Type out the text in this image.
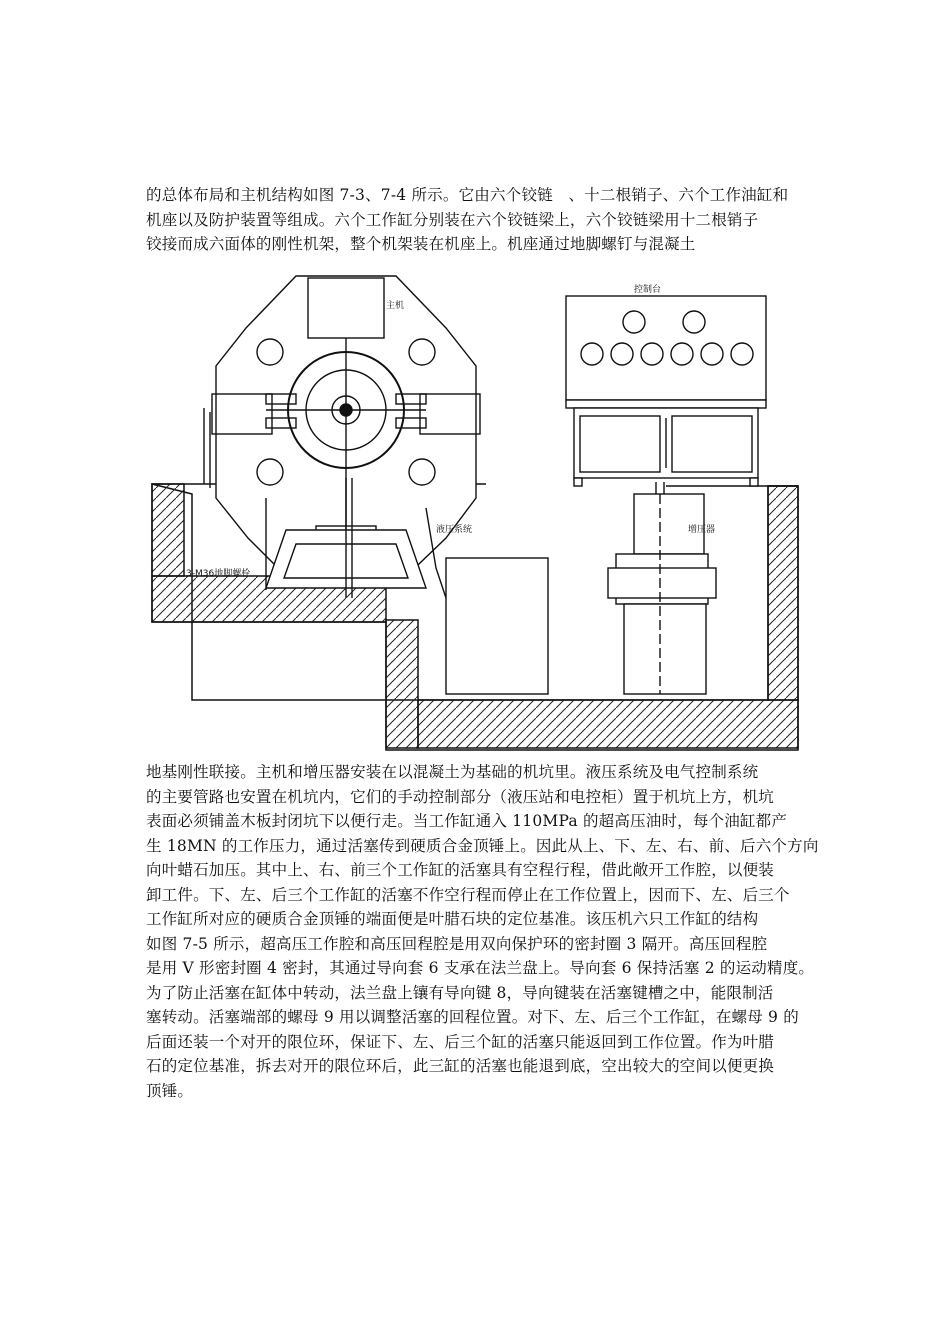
的总体布局和主机结构如图 7-3、7-4 所示。它由六个铰链　、十二根销子、六个工作油缸和
机座以及防护装置等组成。六个工作缸分别装在六个铰链梁上，六个铰链梁用十二根销子
铰接而成六面体的刚性机架，整个机架装在机座上。机座通过地脚螺钉与混凝土
主机
控制台
液压系统	增压器
3-M36地脚螺栓
地基刚性联接。主机和增压器安装在以混凝土为基础的机坑里。液压系统及电气控制系统
的主要管路也安置在机坑内，它们的手动控制部分（液压站和电控柜）置于机坑上方，机坑
表面必须铺盖木板封闭坑下以便行走。当工作缸通入 110MPa 的超高压油时，每个油缸都产
生 18MN 的工作压力，通过活塞传到硬质合金顶锤上。因此从上、下、左、右、前、后六个方向
向叶蜡石加压。其中上、右、前三个工作缸的活塞具有空程行程，借此敞开工作腔，以便装
卸工件。下、左、后三个工作缸的活塞不作空行程而停止在工作位置上，因而下、左、后三个
工作缸所对应的硬质合金顶锤的端面便是叶腊石块的定位基准。该压机六只工作缸的结构
如图 7-5 所示，超高压工作腔和高压回程腔是用双向保护环的密封圈 3 隔开。高压回程腔
是用 V 形密封圈 4 密封，其通过导向套 6 支承在法兰盘上。导向套 6 保持活塞 2 的运动精度。
为了防止活塞在缸体中转动，法兰盘上镶有导向键 8，导向键装在活塞键槽之中，能限制活
塞转动。活塞端部的螺母 9 用以调整活塞的回程位置。对下、左、后三个工作缸，在螺母 9 的
后面还装一个对开的限位环，保证下、左、后三个缸的活塞只能返回到工作位置。作为叶腊
石的定位基准，拆去对开的限位环后，此三缸的活塞也能退到底，空出较大的空间以便更换
顶锤。
